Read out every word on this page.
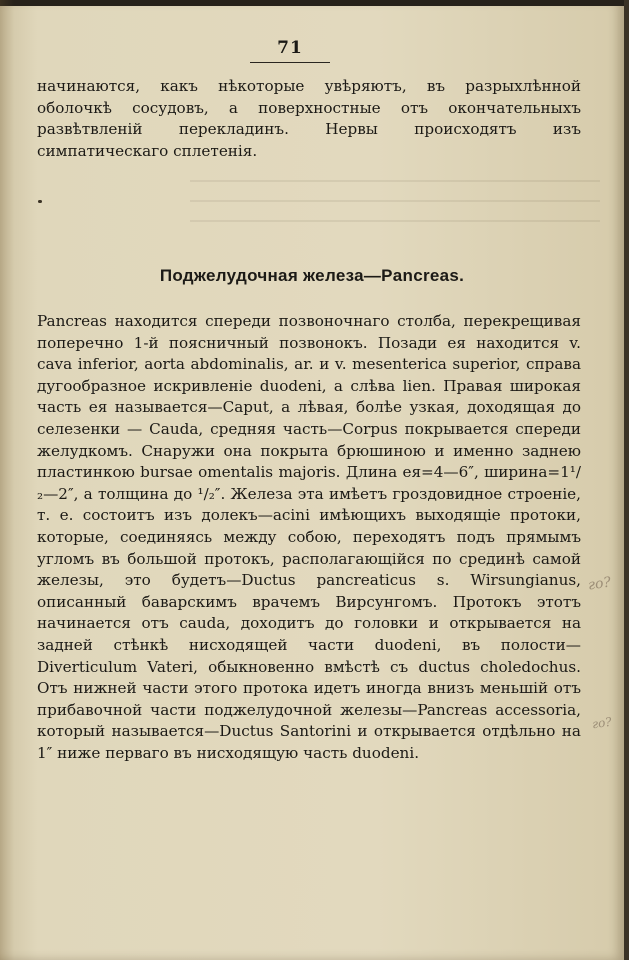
71

начинаются, какъ нѣкоторые увѣряютъ, въ разрыхлѣнной оболочкѣ сосудовъ, а поверхностные отъ окончательныхъ развѣтвленій перекладинъ. Нервы происходятъ изъ симпатическаго сплетенія.

Поджелудочная железа—Pancreas.

Pancreas находится спереди позвоночнаго столба, перекрещивая поперечно 1-й поясничный позвонокъ. Позади ея находится v. cava inferior, aorta abdominalis, ar. и v. mesenterica superior, справа дугообразное искривленіе duodeni, а слѣва lien. Правая широкая часть ея называется—Caput, а лѣвая, болѣе узкая, доходящая до селезенки — Cauda, средняя часть—Corpus покрывается спереди желудкомъ. Снаружи она покрыта брюшиною и именно заднею пластинкою bursae omentalis majoris. Длина ея=4—6″, ширина=1¹/₂—2″, а толщина до ¹/₂″. Железа эта имѣетъ гроздовидное строеніе, т. е. состоитъ изъ долекъ—acini имѣющихъ выходящіе протоки, которые, соединяясь между собою, переходятъ подъ прямымъ угломъ въ большой протокъ, располагающійся по срединѣ самой железы, это будетъ—Ductus pancreaticus s. Wirsungianus, описанный баварскимъ врачемъ Вирсунгомъ. Протокъ этотъ начинается отъ cauda, доходитъ до головки и открывается на задней стѣнкѣ нисходящей части duodeni, въ полости—Diverticulum Vateri, обыкновенно вмѣстѣ съ ductus choledochus. Отъ нижней части этого протока идетъ иногда внизъ меньшій отъ прибавочной части поджелудочной железы—Pancreas accessoria, который называется—Ductus Santorini и открывается отдѣльно на 1″ ниже перваго въ нисходящую часть duodeni.

го?
го?
